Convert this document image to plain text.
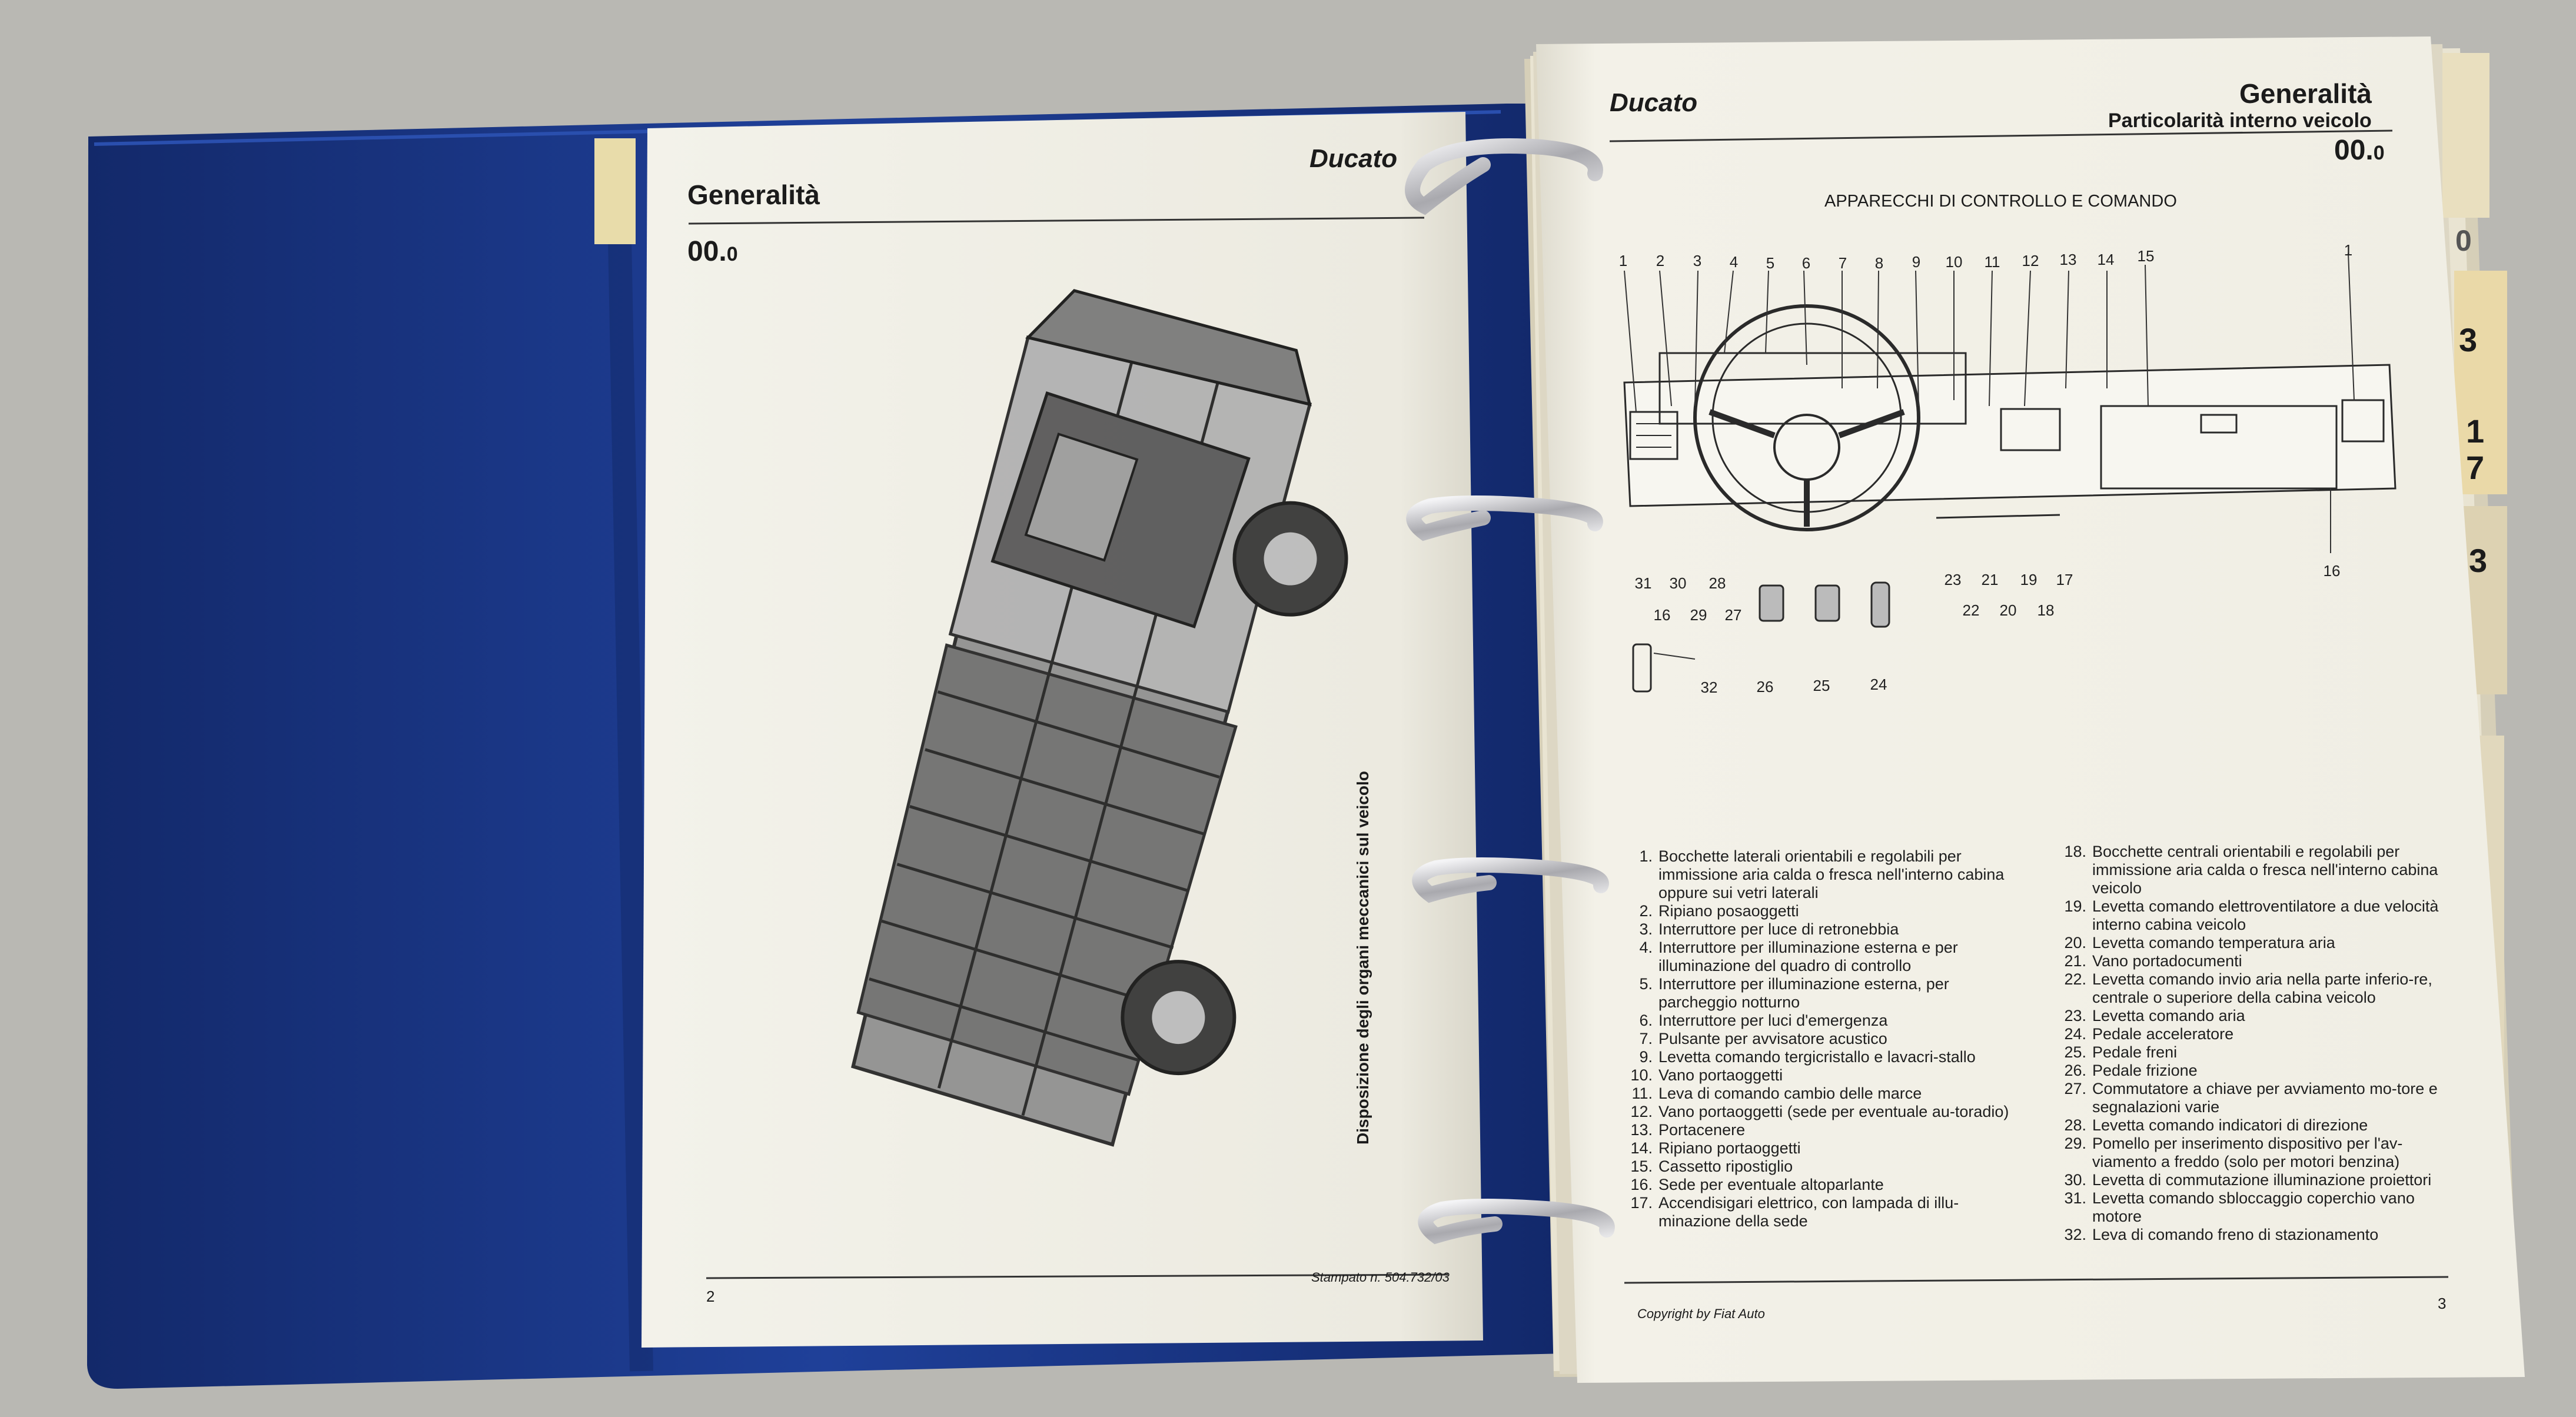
Generalità
Ducato
00.0
Disposizione degli organi meccanici sul veicolo
2
Stampato n. 504.732/03
Ducato	Generalità
Particolarità interno veicolo
00.0
APPARECCHI DI CONTROLLO E COMANDO
1	2	3	4	5	6	7	8	9	10 11 12 13 14 15	1
31 30 28
16 29 27
23 21 19 17
22 20 18
16
26	25	24
32
1. Bocchette laterali orientabili e regolabili per immissione aria calda o fresca nell'interno cabina oppure sui vetri laterali
2. Ripiano posaoggetti
3. Interruttore per luce di retronebbia
4. Interruttore per illuminazione esterna e per illuminazione del quadro di controllo
5. Interruttore per illuminazione esterna, per parcheggio notturno
6. Interruttore per luci d'emergenza
7. Pulsante per avvisatore acustico
9. Levetta comando tergicristallo e lavacri-stallo
10. Vano portaoggetti
11. Leva di comando cambio delle marce
12. Vano portaoggetti (sede per eventuale au-toradio)
13. Portacenere
14. Ripiano portaoggetti
15. Cassetto ripostiglio
16. Sede per eventuale altoparlante
17. Accendisigari elettrico, con lampada di illu-minazione della sede
18. Bocchette centrali orientabili e regolabili per immissione aria calda o fresca nell'interno cabina veicolo
19. Levetta comando elettroventilatore a due velocità interno cabina veicolo
20. Levetta comando temperatura aria
21. Vano portadocumenti
22. Levetta comando invio aria nella parte inferio-re, centrale o superiore della cabina veicolo
23. Levetta comando aria
24. Pedale acceleratore
25. Pedale freni
26. Pedale frizione
27. Commutatore a chiave per avviamento mo-tore e segnalazioni varie
28. Levetta comando indicatori di direzione
29. Pomello per inserimento dispositivo per l'av-viamento a freddo (solo per motori benzina)
30. Levetta di commutazione illuminazione proiettori
31. Levetta comando sbloccaggio coperchio vano motore
32. Leva di comando freno di stazionamento
Copyright by Fiat Auto
3
0
3
1
7
3
